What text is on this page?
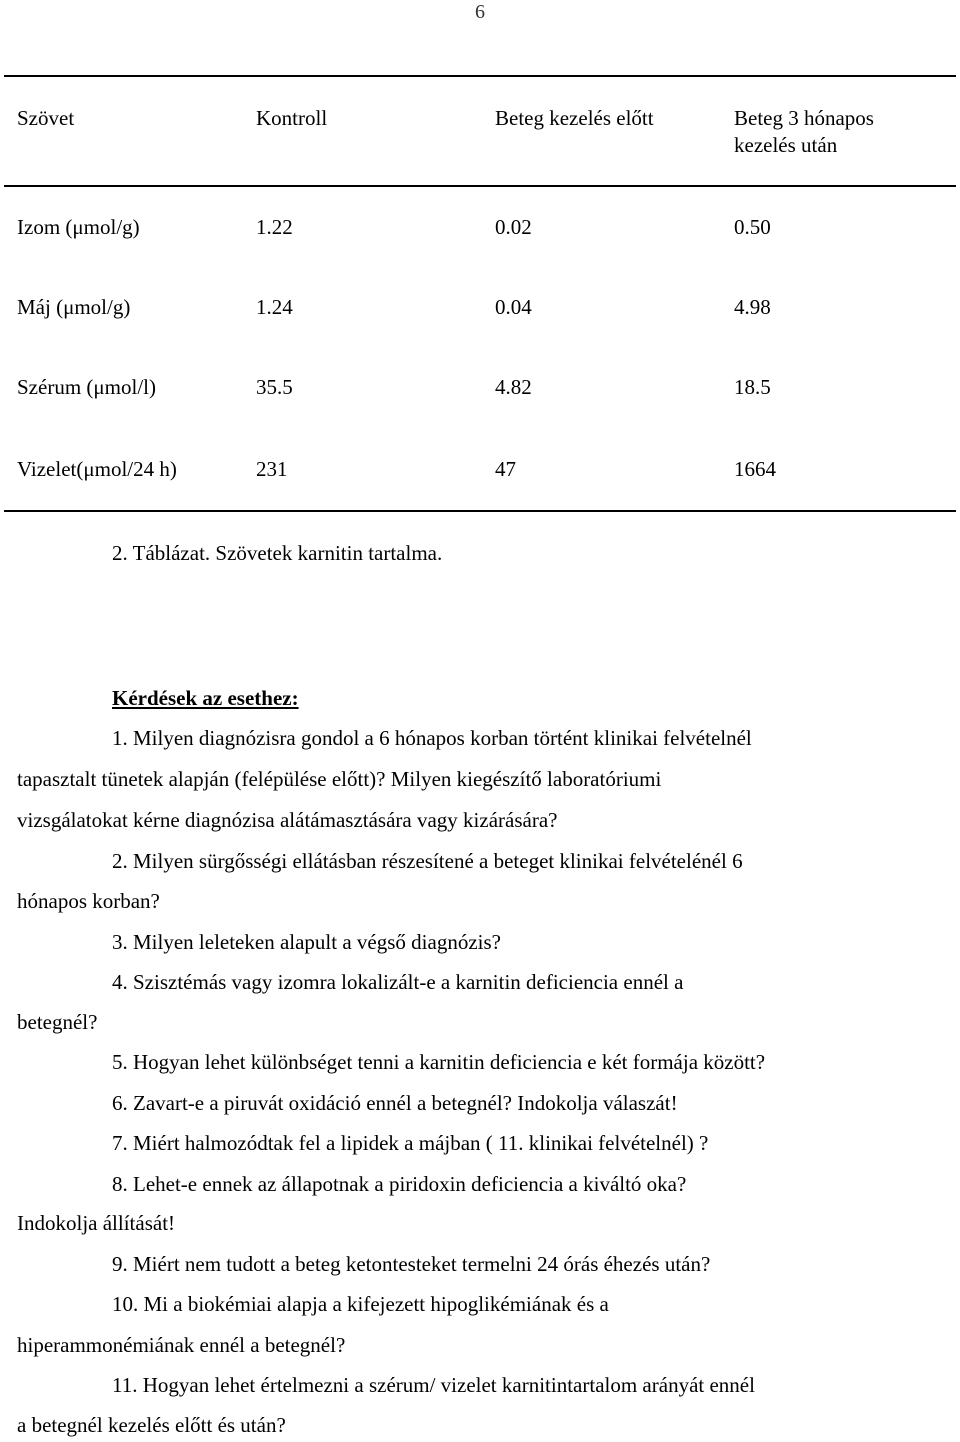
6
Szövet	Kontroll	Beteg kezelés előtt	Beteg 3 hónapos
kezelés után
Izom (μmol/g)	1.22	0.02	0.50
Máj (μmol/g)	1.24	0.04	4.98
Szérum (μmol/l)	35.5	4.82	18.5
Vizelet(μmol/24 h)	231	47	1664
2. Táblázat. Szövetek karnitin tartalma.
Kérdések az esethez:
1. Milyen diagnózisra gondol a 6 hónapos korban történt klinikai felvételnél
tapasztalt tünetek alapján (felépülése előtt)? Milyen kiegészítő laboratóriumi
vizsgálatokat kérne diagnózisa alátámasztására vagy kizárására?
2. Milyen sürgősségi ellátásban részesítené a beteget klinikai felvételénél 6
hónapos korban?
3. Milyen leleteken alapult a végső diagnózis?
4. Szisztémás vagy izomra lokalizált-e a karnitin deficiencia ennél a
betegnél?
5. Hogyan lehet különbséget tenni a karnitin deficiencia e két formája között?
6. Zavart-e a piruvát oxidáció ennél a betegnél? Indokolja válaszát!
7. Miért halmozódtak fel a lipidek a májban ( 11. klinikai felvételnél) ?
8. Lehet-e ennek az állapotnak a piridoxin deficiencia a kiváltó oka?
Indokolja állítását!
9. Miért nem tudott a beteg ketontesteket termelni 24 órás éhezés után?
10. Mi a biokémiai alapja a kifejezett hipoglikémiának és a
hiperammonémiának ennél a betegnél?
11. Hogyan lehet értelmezni a szérum/ vizelet karnitintartalom arányát ennél
a betegnél kezelés előtt és után?
